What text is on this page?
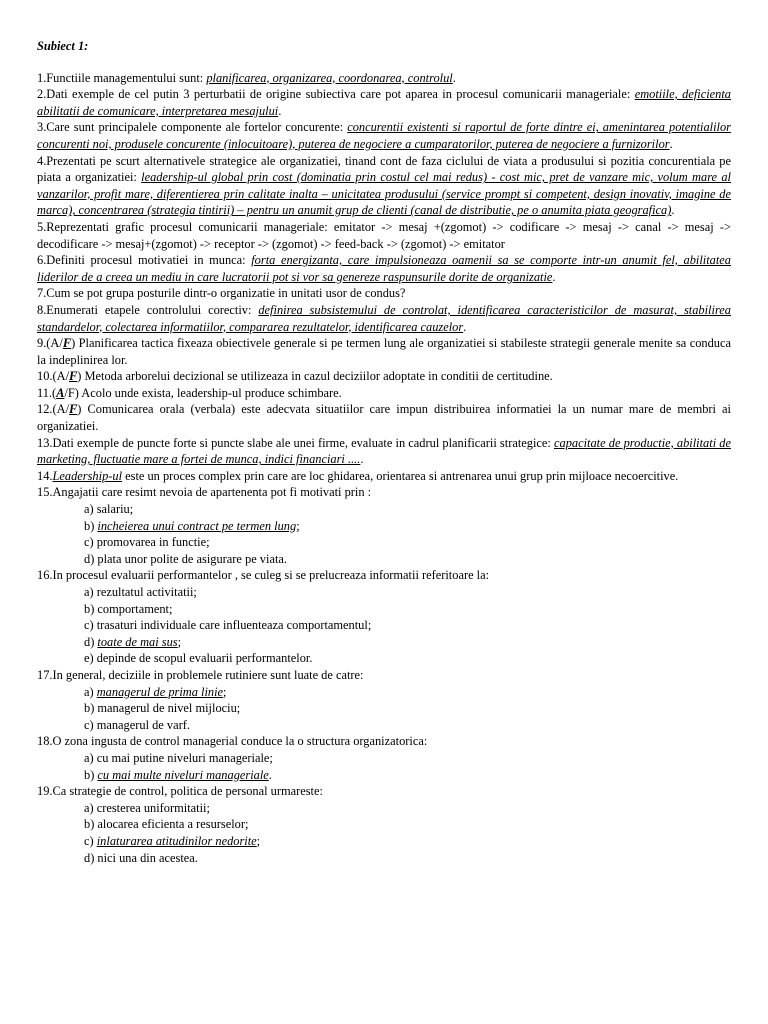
Subiect 1:
1.Functiile managementului sunt: planificarea, organizarea, coordonarea, controlul.
2.Dati exemple de cel putin 3 perturbatii de origine subiectiva care pot aparea in procesul comunicarii manageriale: emotiile, deficienta abilitatii de comunicare, interpretarea mesajului.
3.Care sunt principalele componente ale fortelor concurente: concurentii existenti si raportul de forte dintre ei, amenintarea potentialilor concurenti noi, produsele concurente (inlocuitoare), puterea de negociere a cumparatorilor, puterea de negociere a furnizorilor.
4.Prezentati pe scurt alternativele strategice ale organizatiei, tinand cont de faza ciclului de viata a produsului si pozitia concurentiala pe piata a organizatiei: leadership-ul global prin cost (dominatia prin costul cel mai redus) - cost mic, pret de vanzare mic, volum mare al vanzarilor, profit mare, diferentierea prin calitate inalta – unicitatea produsului (service prompt si competent, design inovativ, imagine de marca), concentrarea (strategia tintirii) – pentru un anumit grup de clienti (canal de distributie, pe o anumita piata geografica).
5.Reprezentati grafic procesul comunicarii manageriale: emitator -> mesaj +(zgomot) -> codificare -> mesaj -> canal -> mesaj -> decodificare -> mesaj+(zgomot) -> receptor -> (zgomot) -> feed-back -> (zgomot) -> emitator
6.Definiti procesul motivatiei in munca: forta energizanta, care impulsioneaza oamenii sa se comporte intr-un anumit fel, abilitatea liderilor de a creea un mediu in care lucratorii pot si vor sa genereze raspunsurile dorite de organizatie.
7.Cum se pot grupa posturile dintr-o organizatie in unitati usor de condus?
8.Enumerati etapele controlului corectiv: definirea subsistemului de controlat, identificarea caracteristicilor de masurat, stabilirea standardelor, colectarea informatiilor, compararea rezultatelor, identificarea cauzelor.
9.(A/F) Planificarea tactica fixeaza obiectivele generale si pe termen lung ale organizatiei si stabileste strategii generale menite sa conduca la indeplinirea lor.
10.(A/F) Metoda arborelui decizional se utilizeaza in cazul deciziilor adoptate in conditii de certitudine.
11.(A/F) Acolo unde exista, leadership-ul produce schimbare.
12.(A/F) Comunicarea orala (verbala) este adecvata situatiilor care impun distribuirea informatiei la un numar mare de membri ai organizatiei.
13.Dati exemple de puncte forte si puncte slabe ale unei firme, evaluate in cadrul planificarii strategice: capacitate de productie, abilitati de marketing, fluctuatie mare a fortei de munca, indici financiari .....
14.Leadership-ul este un proces complex prin care are loc ghidarea, orientarea si antrenarea unui grup prin mijloace necoercitive.
15.Angajatii care resimt nevoia de apartenenta pot fi motivati prin :
a) salariu;
b) incheierea unui contract pe termen lung;
c) promovarea in functie;
d) plata unor polite de asigurare pe viata.
16.In procesul evaluarii performantelor , se culeg si se prelucreaza informatii referitoare la:
a) rezultatul activitatii;
b) comportament;
c) trasaturi individuale care influenteaza comportamentul;
d) toate de mai sus;
e) depinde de scopul evaluarii performantelor.
17.In general, deciziile in problemele rutiniere sunt luate de catre:
a) managerul de prima linie;
b) managerul de nivel mijlociu;
c) managerul de varf.
18.O zona ingusta de control managerial conduce la o structura organizatorica:
a) cu mai putine niveluri manageriale;
b) cu mai multe niveluri manageriale.
19.Ca strategie de control, politica de personal urmareste:
a) cresterea uniformitatii;
b) alocarea eficienta a resurselor;
c) inlaturarea atitudinilor nedorite;
d) nici una din acestea.
